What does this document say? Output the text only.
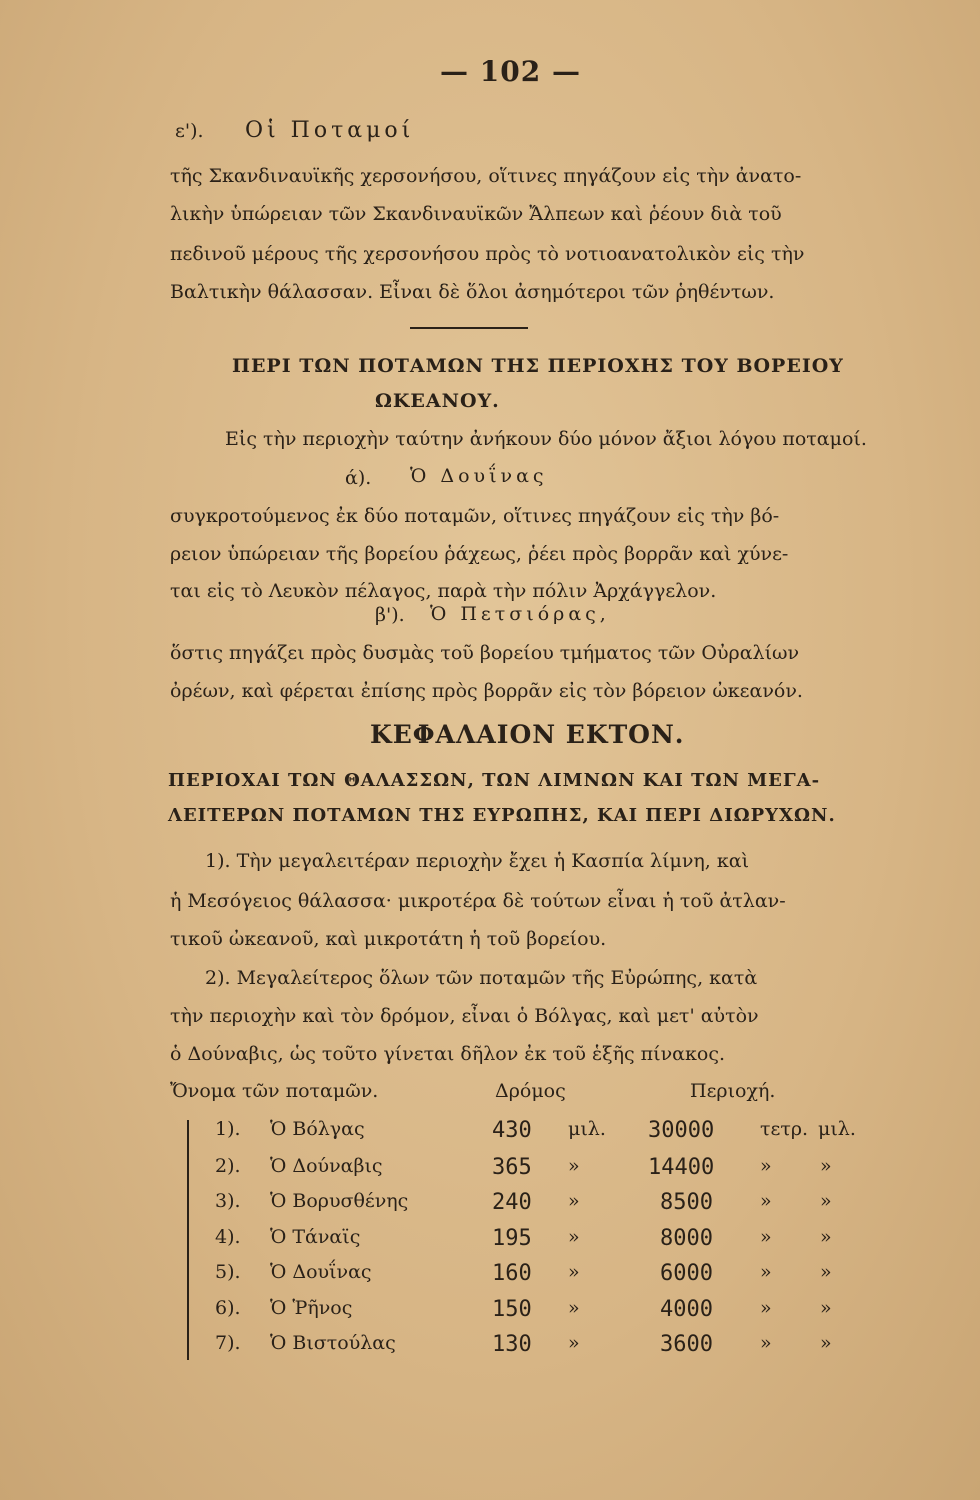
— 102 —
ε'). Οἱ Ποταμοί
τῆς Σκανδιναυϊκῆς χερσονήσου, οἵτινες πηγάζουν εἰς τὴν ἀνατο-
λικὴν ὑπώρειαν τῶν Σκανδιναυϊκῶν Ἄλπεων καὶ ῥέουν διὰ τοῦ
πεδινοῦ μέρους τῆς χερσονήσου πρὸς τὸ νοτιοανατολικὸν εἰς τὴν
Βαλτικὴν θάλασσαν. Εἶναι δὲ ὅλοι ἀσημότεροι τῶν ῥηθέντων.
ΠΕΡΙ ΤΩΝ ΠΟΤΑΜΩΝ ΤΗΣ ΠΕΡΙΟΧΗΣ ΤΟΥ ΒΟΡΕΙΟΥ
ΩΚΕΑΝΟΥ.
Εἰς τὴν περιοχὴν ταύτην ἀνήκουν δύο μόνον ἄξιοι λόγου ποταμοί.
ά). Ὁ Δουΐνας
συγκροτούμενος ἐκ δύο ποταμῶν, οἵτινες πηγάζουν εἰς τὴν βό-
ρειον ὑπώρειαν τῆς βορείου ῥάχεως, ῥέει πρὸς βορρᾶν καὶ χύνε-
ται εἰς τὸ Λευκὸν πέλαγος, παρὰ τὴν πόλιν Ἀρχάγγελον.
β'). Ὁ Πετσιόρας,
ὅστις πηγάζει πρὸς δυσμὰς τοῦ βορείου τμήματος τῶν Οὐραλίων
ὀρέων, καὶ φέρεται ἐπίσης πρὸς βορρᾶν εἰς τὸν βόρειον ὠκεανόν.
ΚΕΦΑΛΑΙΟΝ ΕΚΤΟΝ.
ΠΕΡΙΟΧΑΙ ΤΩΝ ΘΑΛΑΣΣΩΝ, ΤΩΝ ΛΙΜΝΩΝ ΚΑΙ ΤΩΝ ΜΕΓΑ-
ΛΕΙΤΕΡΩΝ ΠΟΤΑΜΩΝ ΤΗΣ ΕΥΡΩΠΗΣ, ΚΑΙ ΠΕΡΙ ΔΙΩΡΥΧΩΝ.
1). Τὴν μεγαλειτέραν περιοχὴν ἔχει ἡ Κασπία λίμνη, καὶ
ἡ Μεσόγειος θάλασσα· μικροτέρα δὲ τούτων εἶναι ἡ τοῦ ἀτλαν-
τικοῦ ὠκεανοῦ, καὶ μικροτάτη ἡ τοῦ βορείου.
2). Μεγαλείτερος ὅλων τῶν ποταμῶν τῆς Εὐρώπης, κατὰ
τὴν περιοχὴν καὶ τὸν δρόμον, εἶναι ὁ Βόλγας, καὶ μετ' αὐτὸν
ὁ Δούναβις, ὡς τοῦτο γίνεται δῆλον ἐκ τοῦ ἑξῆς πίνακος.
Ὄνομα τῶν ποταμῶν.	Δρόμος	Περιοχή.
1). Ὁ Βόλγας	430 μιλ. 30000 τετρ. μιλ.
2). Ὁ Δούναβις	365 »	14400 »	»
3). Ὁ Βορυσθένης	240 »	8500 »	»
4). Ὁ Τάναϊς	195 »	8000 »	»
5). Ὁ Δουΐνας	160 »	6000 »	»
6). Ὁ Ῥῆνος	150 »	4000 »	»
7). Ὁ Βιστούλας	130 »	3600 »	»
